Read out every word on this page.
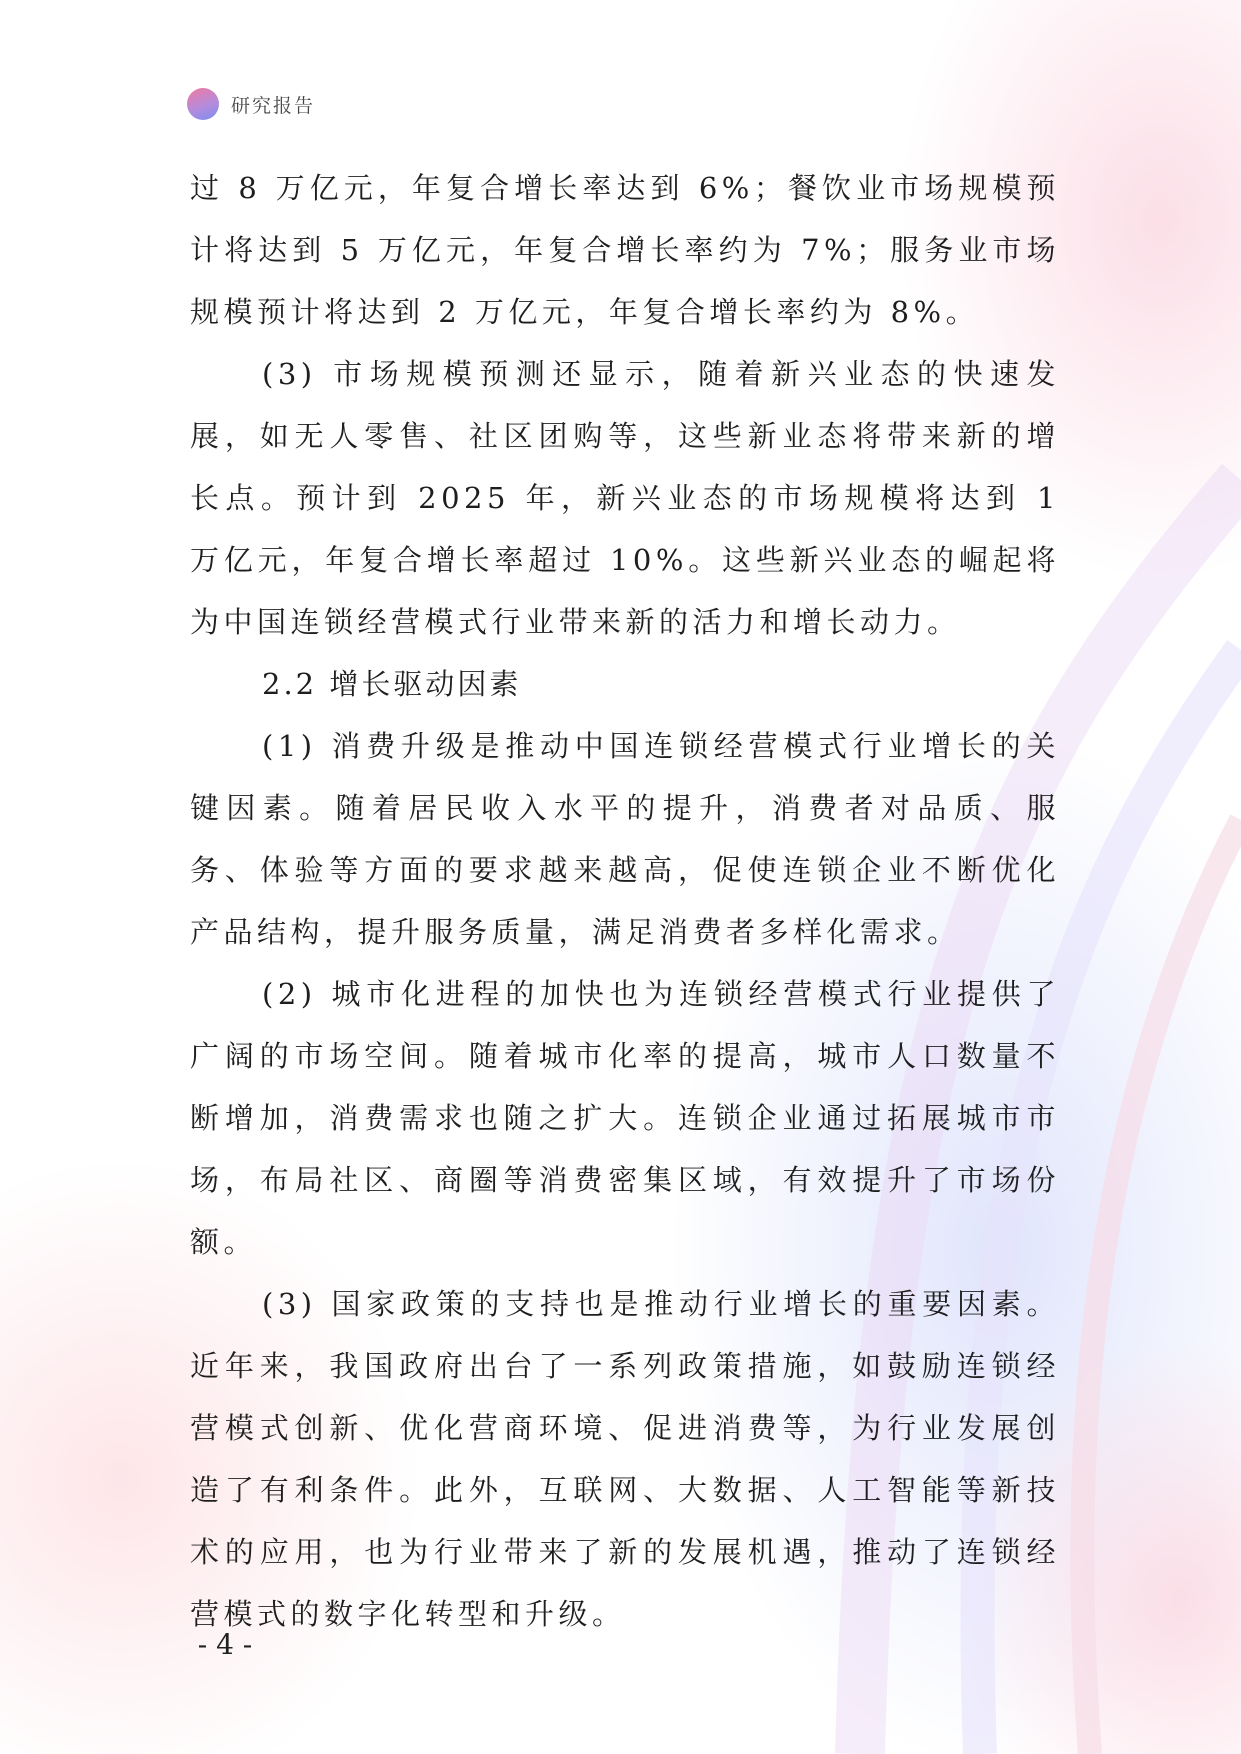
研究报告

过 8 万亿元，年复合增长率达到 6%；餐饮业市场规模预计将达到 5 万亿元，年复合增长率约为 7%；服务业市场规模预计将达到 2 万亿元，年复合增长率约为 8%。

(3) 市场规模预测还显示，随着新兴业态的快速发展，如无人零售、社区团购等，这些新业态将带来新的增长点。预计到 2025 年，新兴业态的市场规模将达到 1 万亿元，年复合增长率超过 10%。这些新兴业态的崛起将为中国连锁经营模式行业带来新的活力和增长动力。

2.2 增长驱动因素

(1) 消费升级是推动中国连锁经营模式行业增长的关键因素。随着居民收入水平的提升，消费者对品质、服务、体验等方面的要求越来越高，促使连锁企业不断优化产品结构，提升服务质量，满足消费者多样化需求。

(2) 城市化进程的加快也为连锁经营模式行业提供了广阔的市场空间。随着城市化率的提高，城市人口数量不断增加，消费需求也随之扩大。连锁企业通过拓展城市市场，布局社区、商圈等消费密集区域，有效提升了市场份额。

(3) 国家政策的支持也是推动行业增长的重要因素。近年来，我国政府出台了一系列政策措施，如鼓励连锁经营模式创新、优化营商环境、促进消费等，为行业发展创造了有利条件。此外，互联网、大数据、人工智能等新技术的应用，也为行业带来了新的发展机遇，推动了连锁经营模式的数字化转型和升级。

- 4 -
